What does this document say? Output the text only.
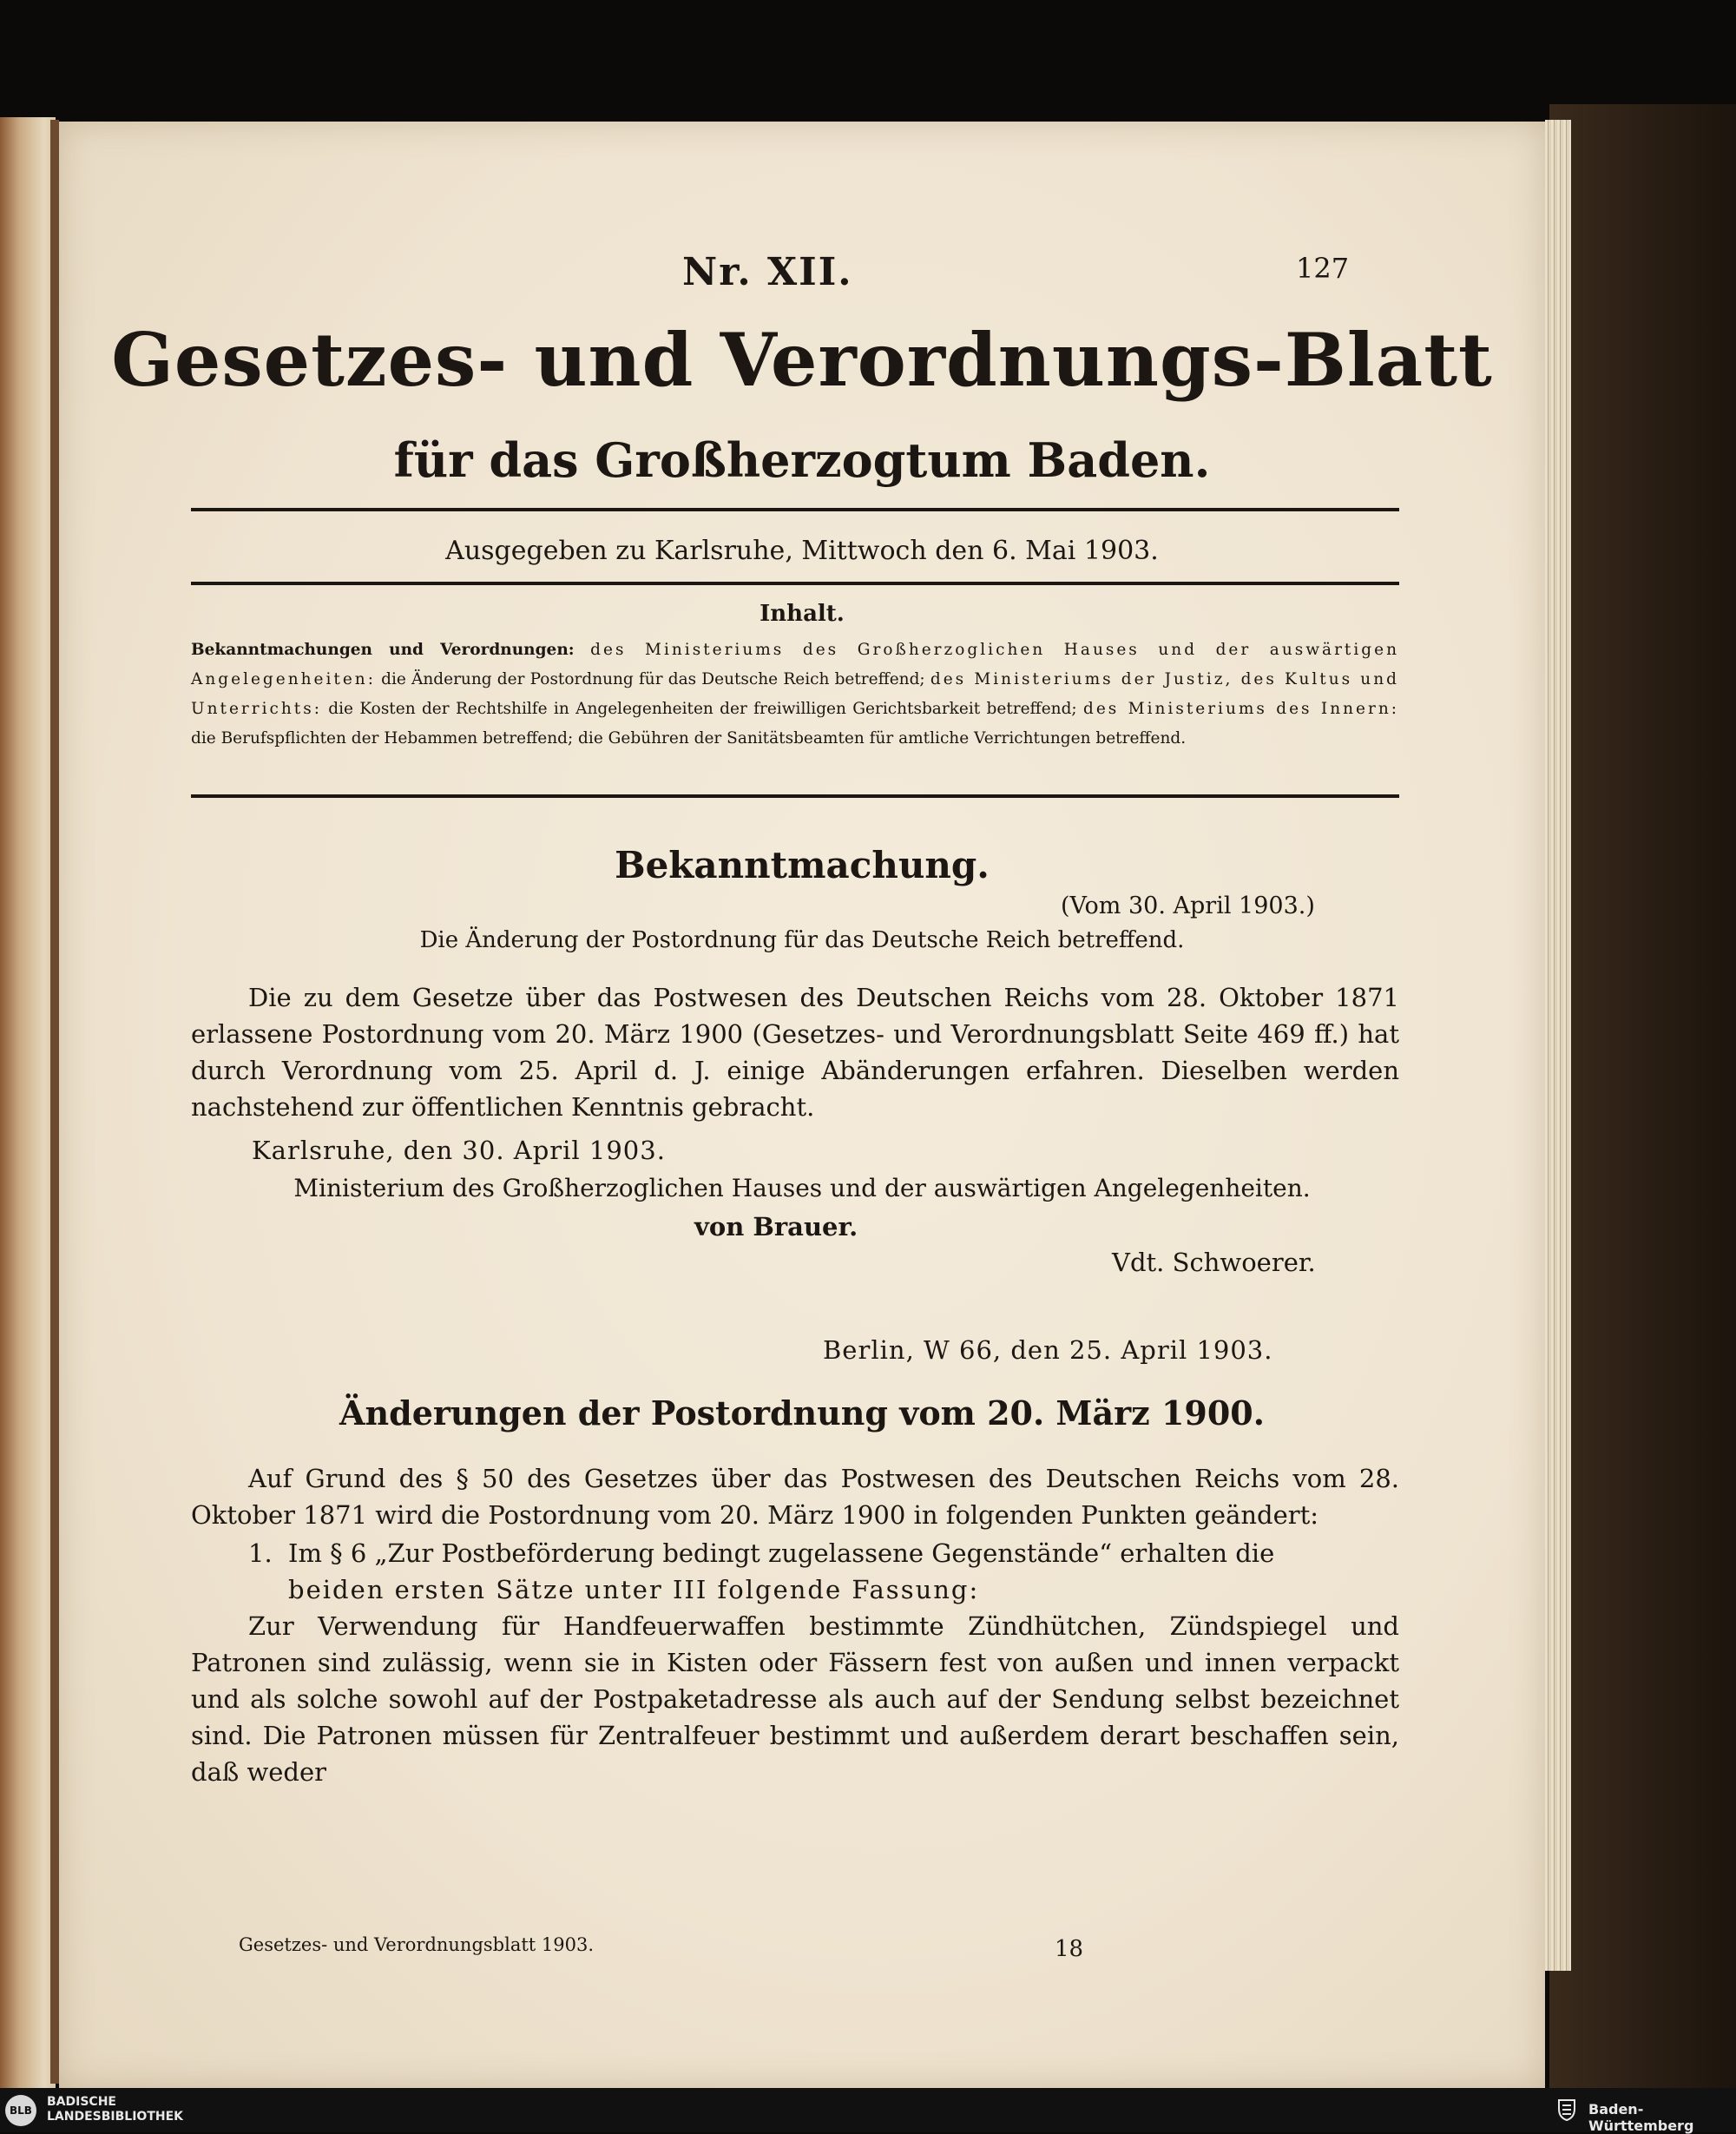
Nr. XII.	127
Gesetzes- und Verordnungs-Blatt
für das Großherzogtum Baden.
Ausgegeben zu Karlsruhe, Mittwoch den 6. Mai 1903.
Inhalt.
Bekanntmachungen und Verordnungen: des Ministeriums des Großherzoglichen Hauses und der auswärtigen Angelegenheiten: die Änderung der Postordnung für das Deutsche Reich betreffend; des Ministeriums der Justiz, des Kultus und Unterrichts: die Kosten der Rechtshilfe in Angelegenheiten der freiwilligen Gerichtsbarkeit betreffend; des Ministeriums des Innern: die Berufspflichten der Hebammen betreffend; die Gebühren der Sanitätsbeamten für amtliche Verrichtungen betreffend.
Bekanntmachung.
(Vom 30. April 1903.)
Die Änderung der Postordnung für das Deutsche Reich betreffend.
Die zu dem Gesetze über das Postwesen des Deutschen Reichs vom 28. Oktober 1871 erlassene Postordnung vom 20. März 1900 (Gesetzes- und Verordnungsblatt Seite 469 ff.) hat durch Verordnung vom 25. April d. J. einige Abänderungen erfahren. Dieselben werden nachstehend zur öffentlichen Kenntnis gebracht.
Karlsruhe, den 30. April 1903.
Ministerium des Großherzoglichen Hauses und der auswärtigen Angelegenheiten.
von Brauer.
Vdt. Schwoerer.
Berlin, W 66, den 25. April 1903.
Änderungen der Postordnung vom 20. März 1900.
Auf Grund des § 50 des Gesetzes über das Postwesen des Deutschen Reichs vom 28. Oktober 1871 wird die Postordnung vom 20. März 1900 in folgenden Punkten geändert:
1. Im § 6 „Zur Postbeförderung bedingt zugelassene Gegenstände“ erhalten die
beiden ersten Sätze unter III folgende Fassung:
Zur Verwendung für Handfeuerwaffen bestimmte Zündhütchen, Zündspiegel und Patronen sind zulässig, wenn sie in Kisten oder Fässern fest von außen und innen verpackt und als solche sowohl auf der Postpaketadresse als auch auf der Sendung selbst bezeichnet sind. Die Patronen müssen für Zentralfeuer bestimmt und außerdem derart beschaffen sein, daß weder
Gesetzes- und Verordnungsblatt 1903.	18
BLB
BADISCHE
LANDESBIBLIOTHEK	Baden-Württemberg
